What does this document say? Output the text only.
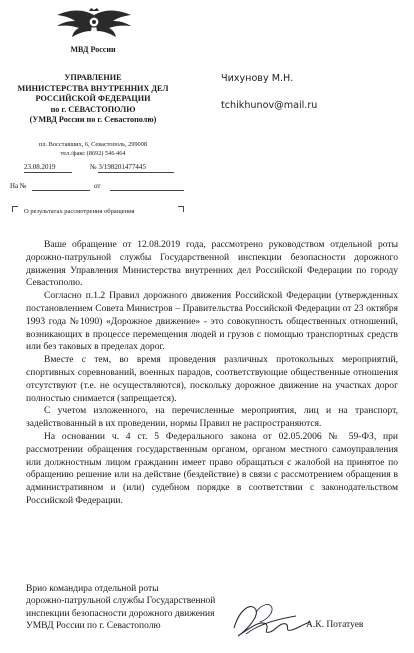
МВД России
УПРАВЛЕНИЕ
МИНИСТЕРСТВА ВНУТРЕННИХ ДЕЛ
РОССИЙСКОЙ ФЕДЕРАЦИИ
по г. СЕВАСТОПОЛЮ
(УМВД России по г. Севастополю)
пл. Восставших, 6, Севастополь, 299008
тел./факс (8692) 546 464
23.08.2019	№ 3/198201477445
На №	от
О результатах рассмотрения обращения
Чихунову М.Н.
tchikhunov@mail.ru

Ваше обращение от 12.08.2019 года, рассмотрено руководством отдельной роты дорожно-патрульной службы Государственной инспекции безопасности дорожного движения Управления Министерства внутренних дел Российской Федерации по городу Севастополю.

Согласно п.1.2 Правил дорожного движения Российской Федерации (утвержденных постановлением Совета Министров – Правительства Российской Федерации от 23 октября 1993 года №1090) «Дорожное движение» - это совокупность общественных отношений, возникающих в процессе перемещения людей и грузов с помощью транспортных средств или без таковых в пределах дорог.

Вместе с тем, во время проведения различных протокольных мероприятий, спортивных соревнований, военных парадов, соответствующие общественные отношения отсутствуют (т.е. не осуществляются), поскольку дорожное движение на участках дорог полностью снимается (запрещается).

С учетом изложенного, на перечисленные мероприятия, лиц и на транспорт, задействованный в их проведении, нормы Правил не распространяются.

На основании ч. 4 ст. 5 Федерального закона от 02.05.2006 № 59-ФЗ, при рассмотрении обращения государственным органом, органом местного самоуправления или должностным лицом гражданин имеет право обращаться с жалобой на принятое по обращению решение или на действие (бездействие) в связи с рассмотрением обращения в административном и (или) судебном порядке в соответствии с законодательством Российской Федерации.

Врио командира отдельной роты
дорожно-патрульной службы Государственной
инспекции безопасности дорожного движения
УМВД России по г. Севастополю	А.К. Потатуев
